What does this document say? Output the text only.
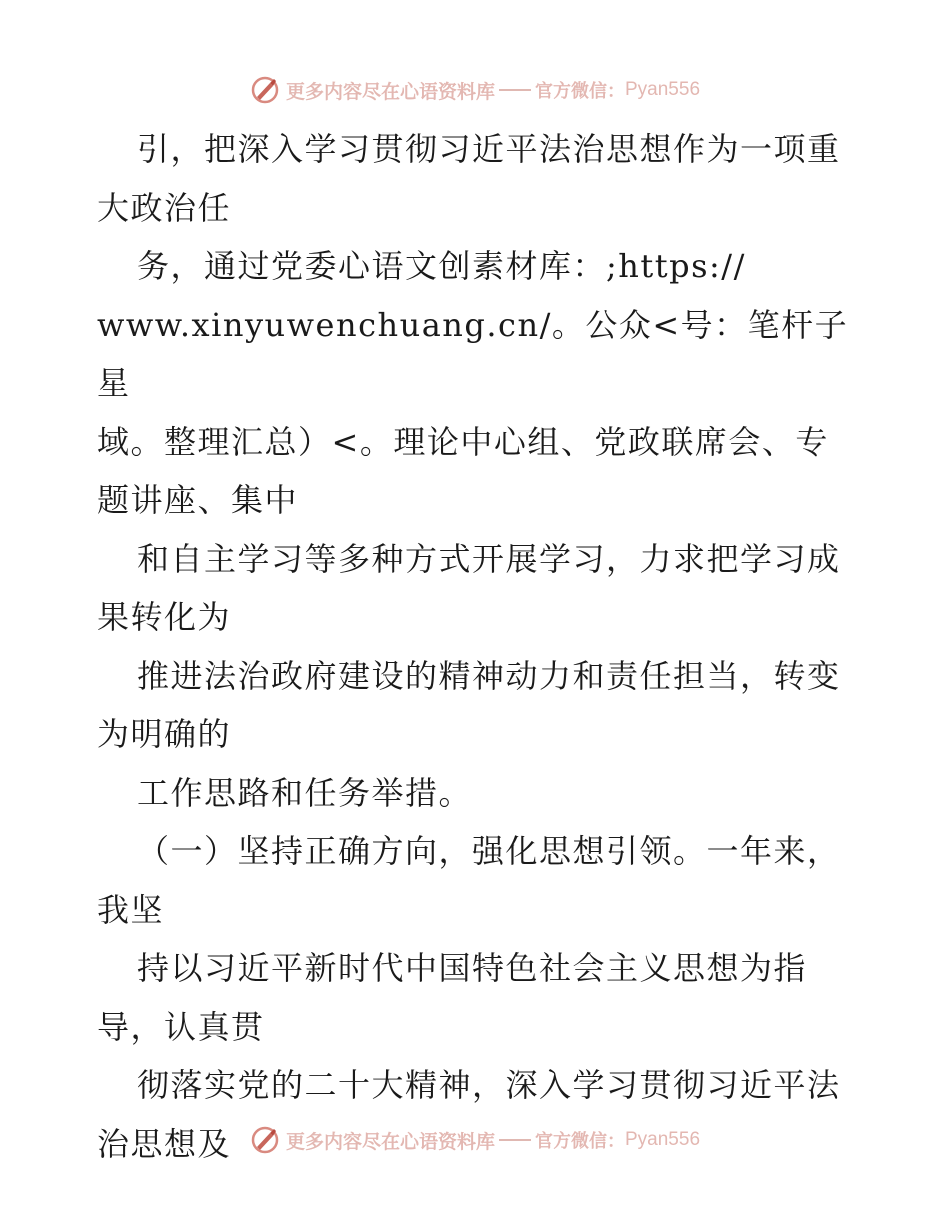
更多内容尽在心语资料库 官方微信： Pyan556

引，把深入学习贯彻习近平法治思想作为一项重

大政治任

务，通过党委心语文创素材库：;https://

www.xinyuwenchuang.cn/。公众<号：笔杆子星

域。整理汇总）<。理论中心组、党政联席会、专

题讲座、集中

和自主学习等多种方式开展学习，力求把学习成

果转化为

推进法治政府建设的精神动力和责任担当，转变

为明确的

工作思路和任务举措。

（一）坚持正确方向，强化思想引领。一年来，

我坚

持以习近平新时代中国特色社会主义思想为指

导，认真贯

彻落实党的二十大精神，深入学习贯彻习近平法

治思想及	更多内容尽在心语资料库 官方微信： Pyan556
